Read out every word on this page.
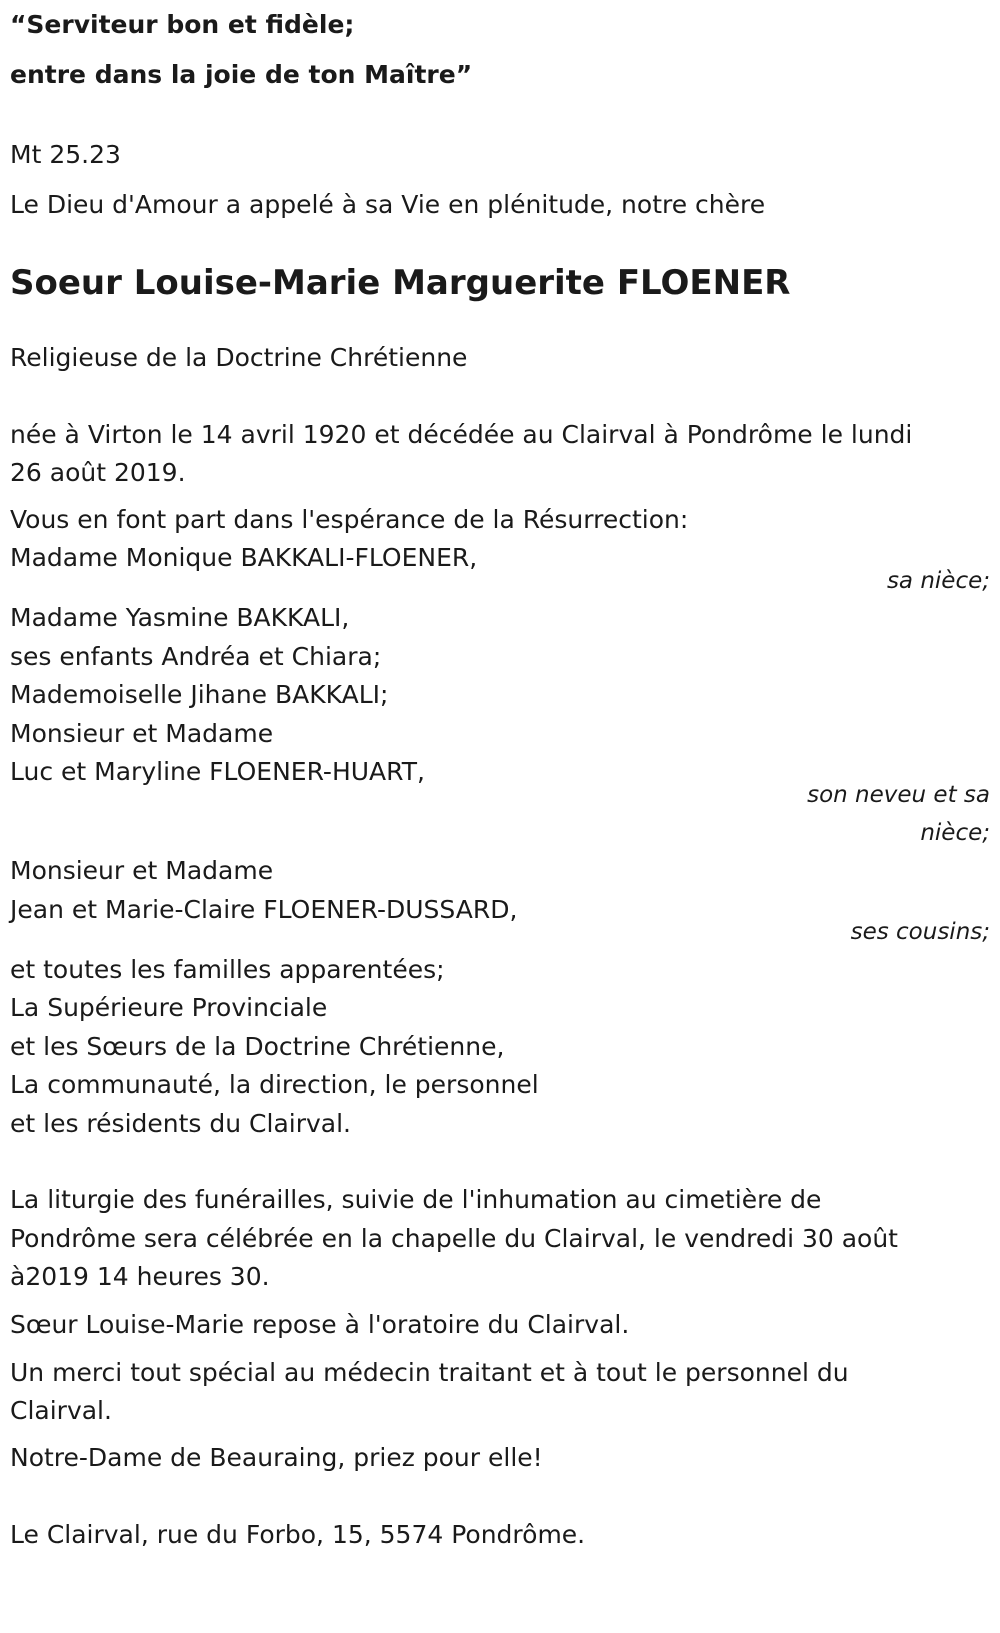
“Serviteur bon et fidèle;

entre dans la joie de ton Maître”

Mt 25.23

Le Dieu d'Amour a appelé à sa Vie en plénitude, notre chère

Soeur Louise-Marie Marguerite FLOENER

Religieuse de la Doctrine Chrétienne

née à Virton le 14 avril 1920 et décédée au Clairval à Pondrôme le lundi

26 août 2019.

Vous en font part dans l'espérance de la Résurrection:

Madame Monique BAKKALI-FLOENER,

sa nièce;

Madame Yasmine BAKKALI,

ses enfants Andréa et Chiara;

Mademoiselle Jihane BAKKALI;

Monsieur et Madame

Luc et Maryline FLOENER-HUART,

son neveu et sa

nièce;

Monsieur et Madame

Jean et Marie-Claire FLOENER-DUSSARD,

ses cousins;

et toutes les familles apparentées;

La Supérieure Provinciale

et les Sœurs de la Doctrine Chrétienne,

La communauté, la direction, le personnel

et les résidents du Clairval.

La liturgie des funérailles, suivie de l'inhumation au cimetière de

Pondrôme sera célébrée en la chapelle du Clairval, le vendredi 30 août

à2019 14 heures 30.

Sœur Louise-Marie repose à l'oratoire du Clairval.

Un merci tout spécial au médecin traitant et à tout le personnel du

Clairval.

Notre-Dame de Beauraing, priez pour elle!

Le Clairval, rue du Forbo, 15, 5574 Pondrôme.
